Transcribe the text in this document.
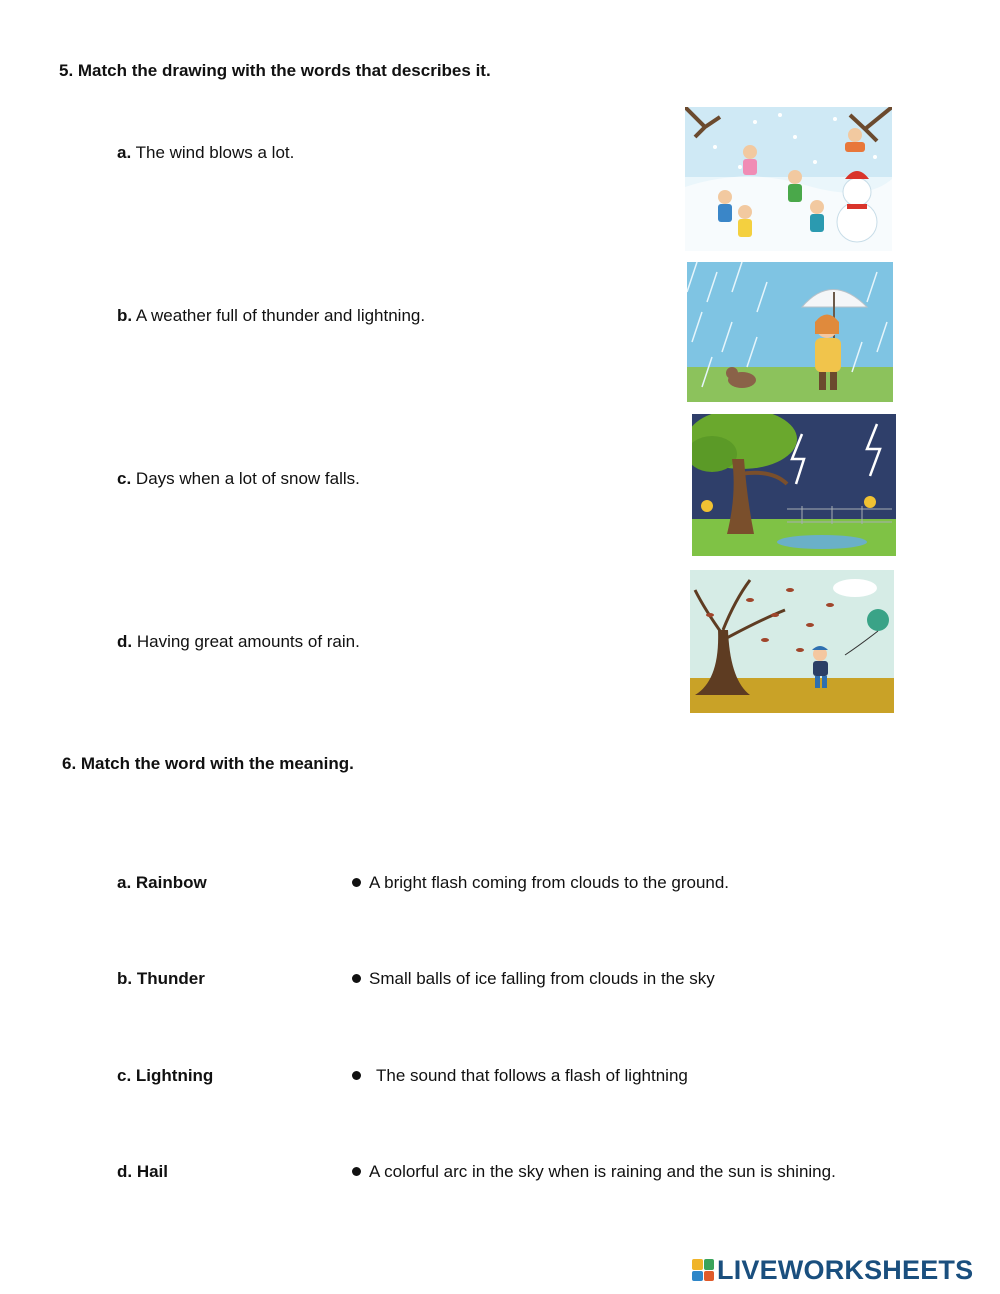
5. Match the drawing with the words that describes it.
a. The wind blows a lot.
b. A weather full of thunder and lightning.
c. Days when a lot of snow falls.
d. Having great amounts of rain.
6. Match the word with the meaning.
a. Rainbow
b. Thunder
c. Lightning
d. Hail
A bright flash coming from clouds to the ground.
Small balls of ice falling from clouds in the sky
The sound that follows a flash of lightning
A colorful arc in the sky when is raining and the sun is shining.
LIVEWORKSHEETS
